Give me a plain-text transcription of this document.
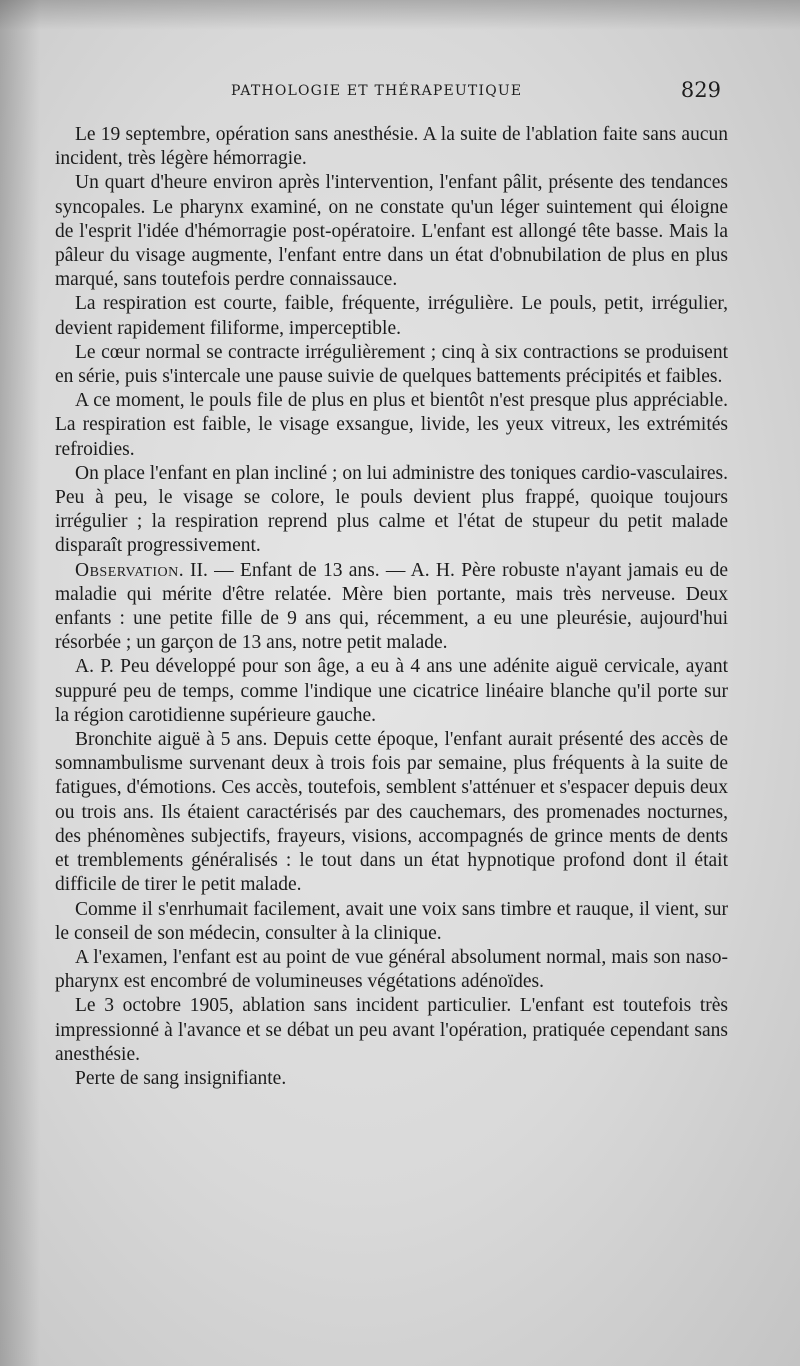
PATHOLOGIE ET THÉRAPEUTIQUE	829

Le 19 septembre, opération sans anesthésie. A la suite de l'ablation faite sans aucun incident, très légère hémorragie.

Un quart d'heure environ après l'intervention, l'enfant pâlit, présente des tendances syncopales. Le pharynx examiné, on ne constate qu'un léger suintement qui éloigne de l'esprit l'idée d'hémorragie post-opératoire. L'enfant est allongé tête basse. Mais la pâleur du visage augmente, l'enfant entre dans un état d'obnubilation de plus en plus marqué, sans toutefois perdre connaissauce.

La respiration est courte, faible, fréquente, irrégulière. Le pouls, petit, irrégulier, devient rapidement filiforme, imperceptible.

Le cœur normal se contracte irrégulièrement ; cinq à six contractions se produisent en série, puis s'intercale une pause suivie de quelques battements précipités et faibles.

A ce moment, le pouls file de plus en plus et bientôt n'est presque plus appréciable. La respiration est faible, le visage exsangue, livide, les yeux vitreux, les extrémités refroidies.

On place l'enfant en plan incliné ; on lui administre des toniques cardio-vasculaires. Peu à peu, le visage se colore, le pouls devient plus frappé, quoique toujours irrégulier ; la respiration reprend plus calme et l'état de stupeur du petit malade disparaît progressivement.

Observation. II. — Enfant de 13 ans. — A. H. Père robuste n'ayant jamais eu de maladie qui mérite d'être relatée. Mère bien portante, mais très nerveuse. Deux enfants : une petite fille de 9 ans qui, récemment, a eu une pleurésie, aujourd'hui résorbée ; un garçon de 13 ans, notre petit malade.

A. P. Peu développé pour son âge, a eu à 4 ans une adénite aiguë cervicale, ayant suppuré peu de temps, comme l'indique une cicatrice linéaire blanche qu'il porte sur la région carotidienne supérieure gauche.

Bronchite aiguë à 5 ans. Depuis cette époque, l'enfant aurait présenté des accès de somnambulisme survenant deux à trois fois par semaine, plus fréquents à la suite de fatigues, d'émotions. Ces accès, toutefois, semblent s'atténuer et s'espacer depuis deux ou trois ans. Ils étaient caractérisés par des cauchemars, des promenades nocturnes, des phénomènes subjectifs, frayeurs, visions, accompagnés de grince ments de dents et tremblements généralisés : le tout dans un état hypnotique profond dont il était difficile de tirer le petit malade.

Comme il s'enrhumait facilement, avait une voix sans timbre et rauque, il vient, sur le conseil de son médecin, consulter à la clinique.

A l'examen, l'enfant est au point de vue général absolument normal, mais son naso-pharynx est encombré de volumineuses végétations adénoïdes.

Le 3 octobre 1905, ablation sans incident particulier. L'enfant est toutefois très impressionné à l'avance et se débat un peu avant l'opération, pratiquée cependant sans anesthésie.

Perte de sang insignifiante.
